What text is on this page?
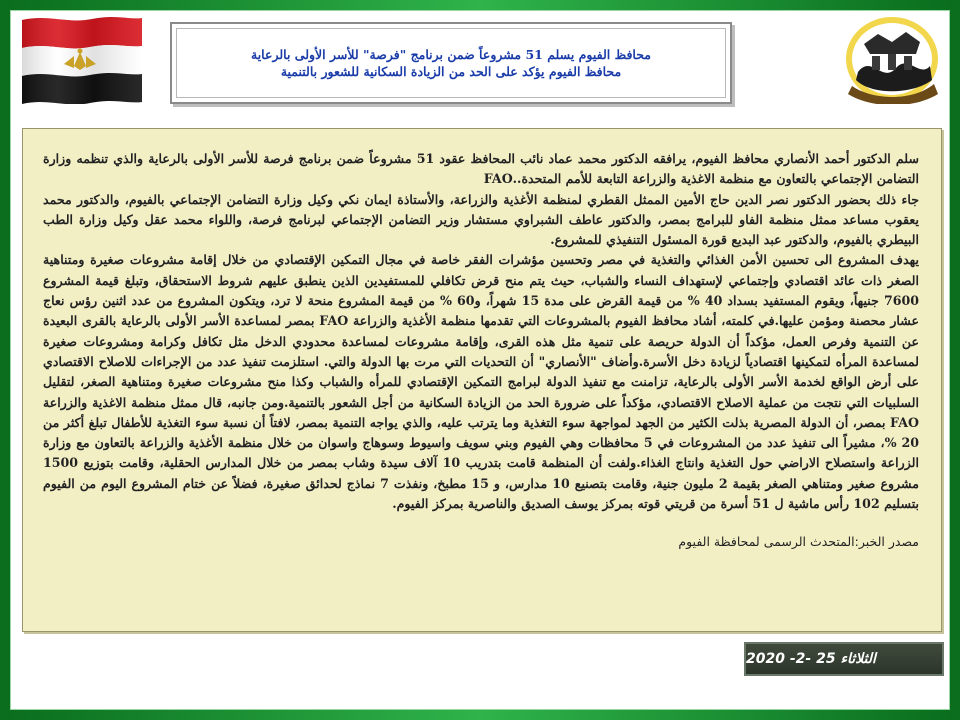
محافظ الفيوم يسلم 51 مشروعاً ضمن برنامج "فرصة" للأسر الأولى بالرعاية
محافظ الفيوم يؤكد على الحد من الزيادة السكانية للشعور بالتنمية

سلم الدكتور أحمد الأنصاري محافظ الفيوم، يرافقه الدكتور محمد عماد نائب المحافظ عقود 51 مشروعاً ضمن برنامج فرصة للأسر الأولى بالرعاية والذي تنظمه وزارة التضامن الإجتماعي بالتعاون مع منظمة الاغذية والزراعة التابعة للأمم المتحدة..FAO

جاء ذلك بحضور الدكتور نصر الدين حاج الأمين الممثل القطري لمنظمة الأغذية والزراعة، والأستاذة ايمان نكي وكيل وزارة التضامن الإجتماعي بالفيوم، والدكتور محمد يعقوب مساعد ممثل منظمة الفاو للبرامج بمصر، والدكتور عاطف الشبراوي مستشار وزير التضامن الإجتماعي لبرنامج فرصة، واللواء محمد عقل وكيل وزارة الطب البيطري بالفيوم، والدكتور عبد البديع قورة المسئول التنفيذي للمشروع.

يهدف المشروع الى تحسين الأمن الغذائي والتغذية في مصر وتحسين مؤشرات الفقر خاصة في مجال التمكين الإقتصادي من خلال إقامة مشروعات صغيرة ومتناهية الصغر ذات عائد اقتصادي وإجتماعي لإستهداف النساء والشباب، حيث يتم منح قرض تكافلي للمستفيدين الذين ينطبق عليهم شروط الاستحقاق، وتبلغ قيمة المشروع 7600 جنيهاً، ويقوم المستفيد بسداد 40 % من قيمة القرض على مدة 15 شهراً، و60 % من قيمة المشروع منحة لا ترد، ويتكون المشروع من عدد اثنين رؤس نعاج عشار محصنة ومؤمن عليها.في كلمته، أشاد محافظ الفيوم بالمشروعات التي تقدمها منظمة الأغذية والزراعة FAO بمصر لمساعدة الأسر الأولى بالرعاية بالقرى البعيدة عن التنمية وفرص العمل، مؤكداً أن الدولة حريصة على تنمية مثل هذه القرى، وإقامة مشروعات لمساعدة محدودي الدخل مثل تكافل وكرامة ومشروعات صغيرة لمساعدة المرأه لتمكينها اقتصادياً لزيادة دخل الأسرة.وأضاف "الأنصاري" أن التحديات التي مرت بها الدولة والتي. استلزمت تنفيذ عدد من الإجراءات للاصلاح الاقتصادي على أرض الواقع لخدمة الأسر الأولى بالرعاية، تزامنت مع تنفيذ الدولة لبرامج التمكين الإقتصادي للمرأه والشباب وكذا منح مشروعات صغيرة ومتناهية الصغر، لتقليل السلبيات التي نتجت من عملية الاصلاح الاقتصادي، مؤكداً على ضرورة الحد من الزيادة السكانية من أجل الشعور بالتنمية.ومن جانبه، قال ممثل منظمة الاغذية والزراعة FAO بمصر، أن الدولة المصرية بذلت الكثير من الجهد لمواجهة سوء التغذية وما يترتب عليه، والذي يواجه التنمية بمصر، لافتاً أن نسبة سوء التغذية للأطفال تبلغ أكثر من 20 %، مشيراً الى تنفيذ عدد من المشروعات في 5 محافظات وهي الفيوم وبني سويف واسيوط وسوهاج واسوان من خلال منظمة الأغذية والزراعة بالتعاون مع وزارة الزراعة واستصلاح الاراضي حول التغذية وانتاج الغذاء.ولفت أن المنظمة قامت بتدريب 10 آلاف سيدة وشاب بمصر من خلال المدارس الحقلية، وقامت بتوزيع 1500 مشروع صغير ومتناهي الصغر بقيمة 2 مليون جنية، وقامت بتصنيع 10 مدارس، و 15 مطبخ، ونفذت 7 نماذج لحدائق صغيرة، فضلاً عن ختام المشروع اليوم من الفيوم بتسليم 102 رأس ماشية ل 51 أسرة من قريتي قوته بمركز يوسف الصديق والناصرية بمركز الفيوم.

مصدر الخبر:المتحدث الرسمى لمحافظة الفيوم

الثلاثاء 25 -2- 2020
